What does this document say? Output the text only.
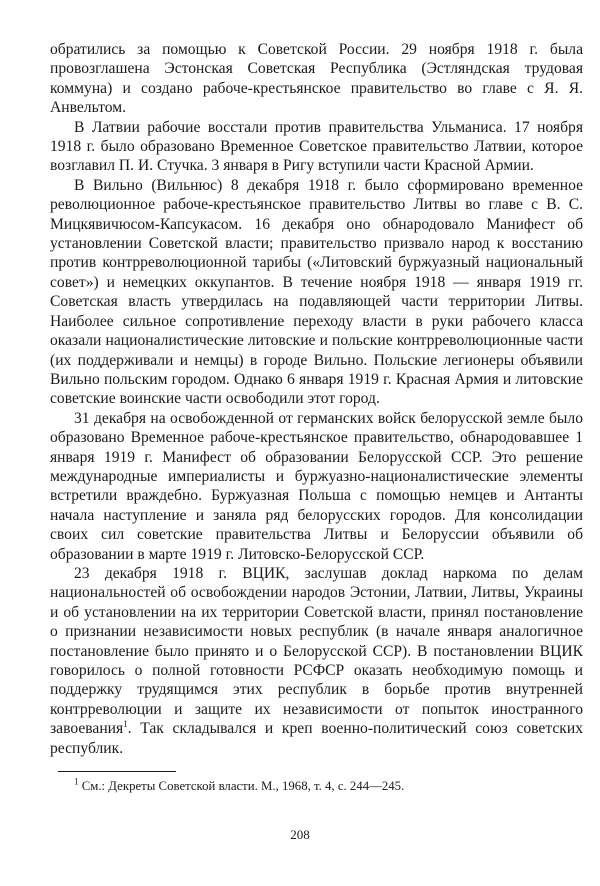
обратились за помощью к Советской России. 29 ноября 1918 г. была провозглашена Эстонская Советская Республика (Эстляндская трудовая коммуна) и создано рабоче-крестьянское правительство во главе с Я. Я. Анвельтом.

В Латвии рабочие восстали против правительства Ульманиса. 17 ноября 1918 г. было образовано Временное Советское правительство Латвии, которое возглавил П. И. Стучка. 3 января в Ригу вступили части Красной Армии.

В Вильно (Вильнюс) 8 декабря 1918 г. было сформировано временное революционное рабоче-крестьянское правительство Литвы во главе с В. С. Мицкявичюсом-Капсукасом. 16 декабря оно обнародовало Манифест об установлении Советской власти; правительство призвало народ к восстанию против контрреволюционной тарибы («Литовский буржуазный национальный совет») и немецких оккупантов. В течение ноября 1918 — января 1919 гг. Советская власть утвердилась на подавляющей части территории Литвы. Наиболее сильное сопротивление переходу власти в руки рабочего класса оказали националистические литовские и польские контрреволюционные части (их поддерживали и немцы) в городе Вильно. Польские легионеры объявили Вильно польским городом. Однако 6 января 1919 г. Красная Армия и литовские советские воинские части освободили этот город.

31 декабря на освобожденной от германских войск белорусской земле было образовано Временное рабоче-крестьянское правительство, обнародовавшее 1 января 1919 г. Манифест об образовании Белорусской ССР. Это решение международные империалисты и буржуазно-националистические элементы встретили враждебно. Буржуазная Польша с помощью немцев и Антанты начала наступление и заняла ряд белорусских городов. Для консолидации своих сил советские правительства Литвы и Белоруссии объявили об образовании в марте 1919 г. Литовско-Белорусской ССР.

23 декабря 1918 г. ВЦИК, заслушав доклад наркома по делам национальностей об освобождении народов Эстонии, Латвии, Литвы, Украины и об установлении на их территории Советской власти, принял постановление о признании независимости новых республик (в начале января аналогичное постановление было принято и о Белорусской ССР). В постановлении ВЦИК говорилось о полной готовности РСФСР оказать необходимую помощь и поддержку трудящимся этих республик в борьбе против внутренней контрреволюции и защите их независимости от попыток иностранного завоевания$^1$. Так складывался и креп военно-политический союз советских республик.

$^1$ См.: Декреты Советской власти. М., 1968, т. 4, с. 244—245.

208
